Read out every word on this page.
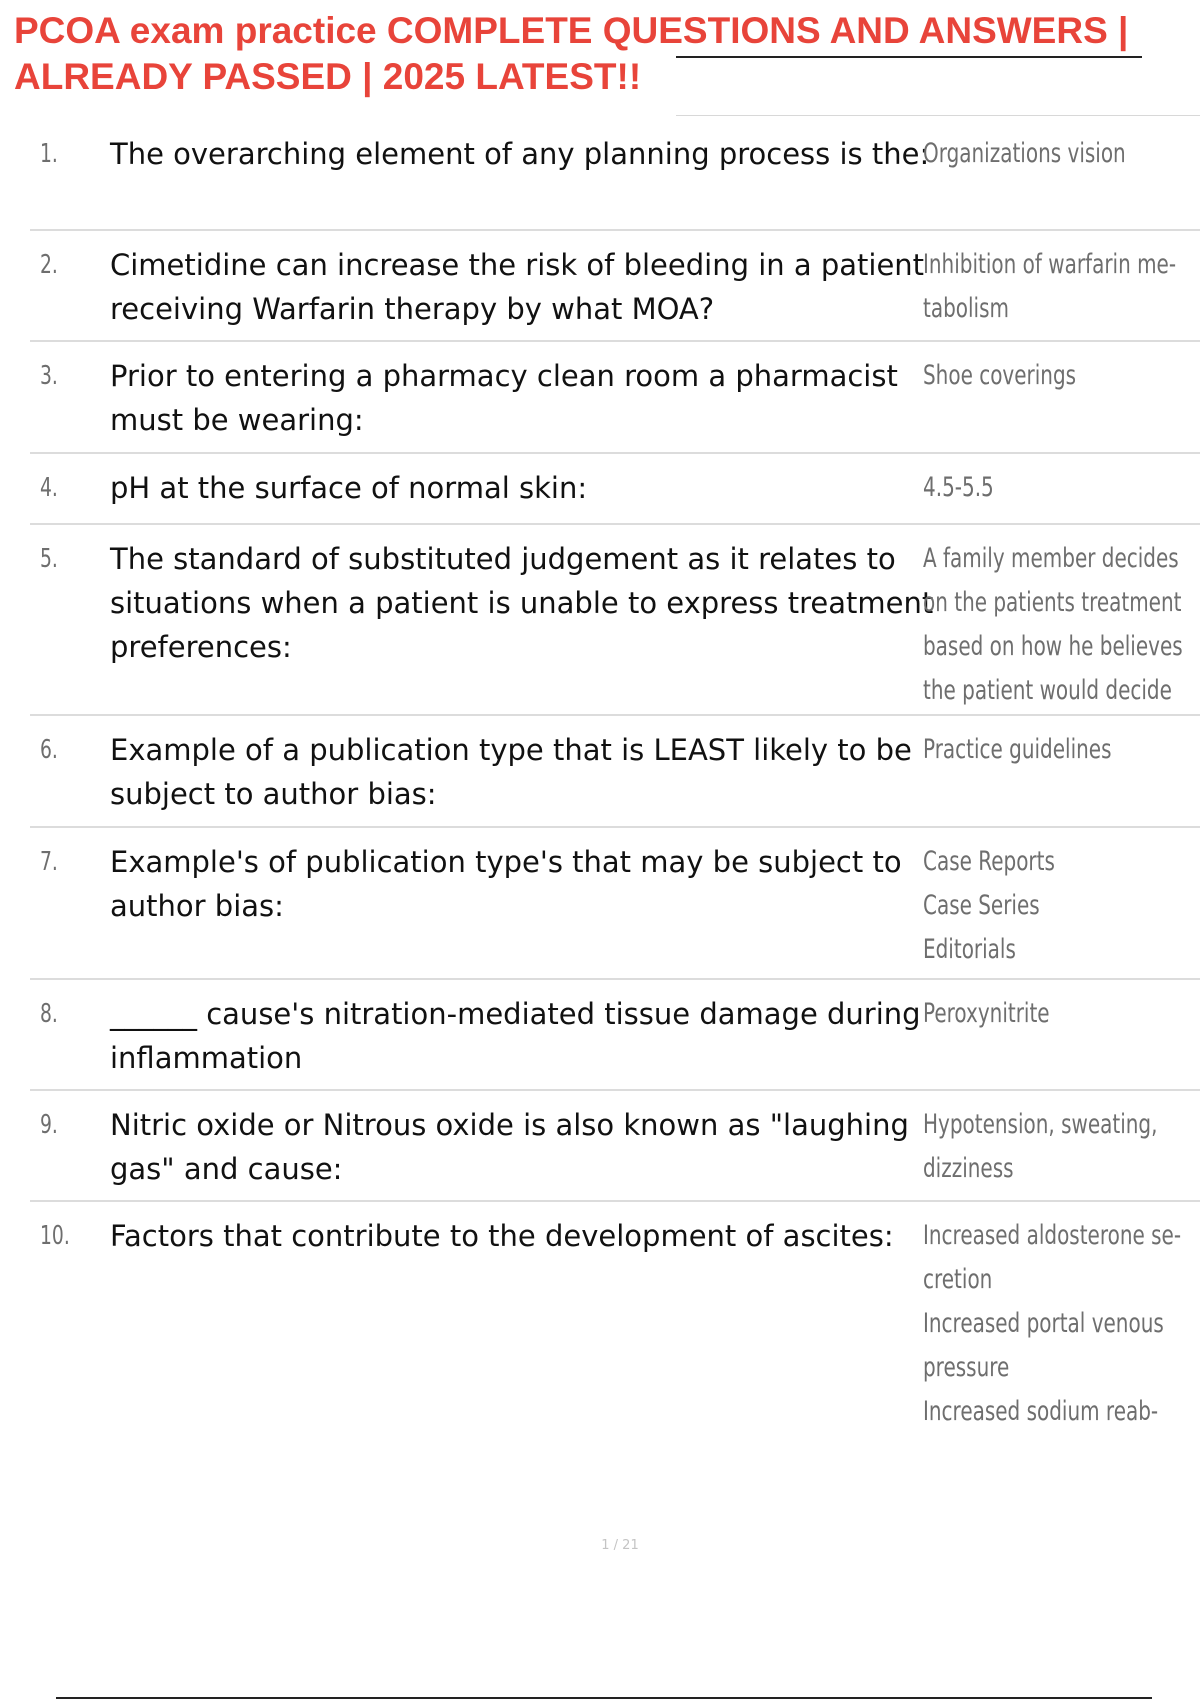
PCOA exam practice COMPLETE QUESTIONS AND ANSWERS |
ALREADY PASSED | 2025 LATEST!!
1. The overarching element of any planning process is the:
Organizations vision
2. Cimetidine can increase the risk of bleeding in a patient receiving Warfarin therapy by what MOA?
Inhibition of warfarin me-
tabolism
3. Prior to entering a pharmacy clean room a pharmacist must be wearing:
Shoe coverings
4. pH at the surface of normal skin:	4.5-5.5
5. The standard of substituted judgement as it relates to situations when a patient is unable to express treatment preferences:
A family member decides
on the patients treatment
based on how he believes
the patient would decide
6. Example of a publication type that is LEAST likely to be subject to author bias:
Practice guidelines
7. Example's of publication type's that may be subject to author bias:
Case Reports
Case Series
Editorials
8. ______ cause's nitration-mediated tissue damage during inflammation
Peroxynitrite
9. Nitric oxide or Nitrous oxide is also known as "laughing gas" and cause:
Hypotension, sweating,
dizziness
10. Factors that contribute to the development of ascites:	Increased aldosterone se-
cretion
Increased portal venous
pressure
Increased sodium reab-
1 / 21
